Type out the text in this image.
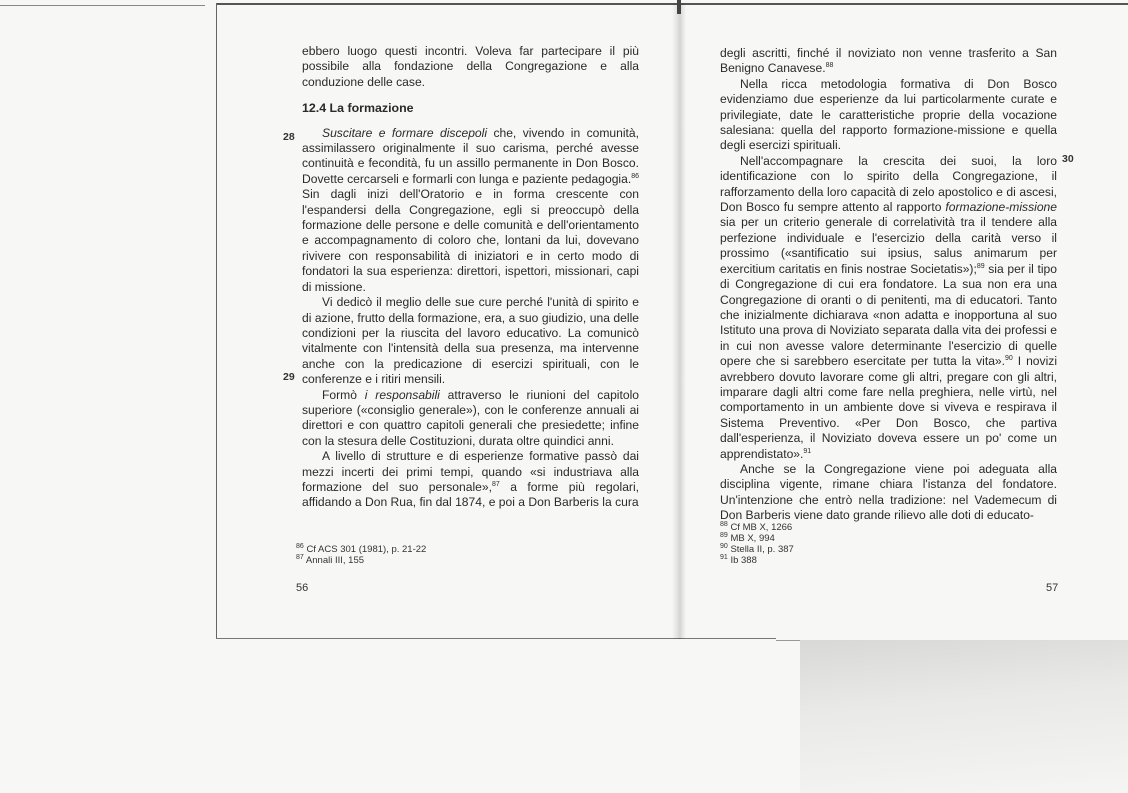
ebbero luogo questi incontri. Voleva far partecipare il più possibile alla fondazione della Congregazione e alla conduzione delle case.

12.4 La formazione

Suscitare e formare discepoli che, vivendo in comunità, assimilassero originalmente il suo carisma, perché avesse continuità e fecondità, fu un assillo permanente in Don Bosco. Dovette cercarseli e formarli con lunga e paziente pedagogia.$^{86}$ Sin dagli inizi dell'Oratorio e in forma crescente con l'espandersi della Congregazione, egli si preoccupò della formazione delle persone e delle comunità e dell'orientamento e accompagnamento di coloro che, lontani da lui, dovevano rivivere con responsabilità di iniziatori e in certo modo di fondatori la sua esperienza: direttori, ispettori, missionari, capi di missione.

Vi dedicò il meglio delle sue cure perché l'unità di spirito e di azione, frutto della formazione, era, a suo giudizio, una delle condizioni per la riuscita del lavoro educativo. La comunicò vitalmente con l'intensità della sua presenza, ma intervenne anche con la predicazione di esercizi spirituali, con le conferenze e i ritiri mensili.

Formò i responsabili attraverso le riunioni del capitolo superiore («consiglio generale»), con le conferenze annuali ai direttori e con quattro capitoli generali che presiedette; infine con la stesura delle Costituzioni, durata oltre quindici anni.

A livello di strutture e di esperienze formative passò dai mezzi incerti dei primi tempi, quando «si industriava alla formazione del suo personale»,$^{87}$ a forme più regolari, affidando a Don Rua, fin dal 1874, e poi a Don Barberis la cura

28
29
$^{86}$ Cf ACS 301 (1981), p. 21-22
$^{87}$ Annali III, 155
56

degli ascritti, finché il noviziato non venne trasferito a San Benigno Canavese.$^{88}$

Nella ricca metodologia formativa di Don Bosco evidenziamo due esperienze da lui particolarmente curate e privilegiate, date le caratteristiche proprie della vocazione salesiana: quella del rapporto formazione-missione e quella degli esercizi spirituali.

Nell'accompagnare la crescita dei suoi, la loro identificazione con lo spirito della Congregazione, il rafforzamento della loro capacità di zelo apostolico e di ascesi, Don Bosco fu sempre attento al rapporto formazione-missione sia per un criterio generale di correlatività tra il tendere alla perfezione individuale e l'esercizio della carità verso il prossimo («santificatio sui ipsius, salus animarum per exercitium caritatis en finis nostrae Societatis»);$^{89}$ sia per il tipo di Congregazione di cui era fondatore. La sua non era una Congregazione di oranti o di penitenti, ma di educatori. Tanto che inizialmente dichiarava «non adatta e inopportuna al suo Istituto una prova di Noviziato separata dalla vita dei professi e in cui non avesse valore determinante l'esercizio di quelle opere che si sarebbero esercitate per tutta la vita».$^{90}$ I novizi avrebbero dovuto lavorare come gli altri, pregare con gli altri, imparare dagli altri come fare nella preghiera, nelle virtù, nel comportamento in un ambiente dove si viveva e respirava il Sistema Preventivo. «Per Don Bosco, che partiva dall'esperienza, il Noviziato doveva essere un po' come un apprendistato».$^{91}$

Anche se la Congregazione viene poi adeguata alla disciplina vigente, rimane chiara l'istanza del fondatore. Un'intenzione che entrò nella tradizione: nel Vademecum di Don Barberis viene dato grande rilievo alle doti di educato-

30
$^{88}$ Cf MB X, 1266
$^{89}$ MB X, 994
$^{90}$ Stella II, p. 387
$^{91}$ Ib 388
57
